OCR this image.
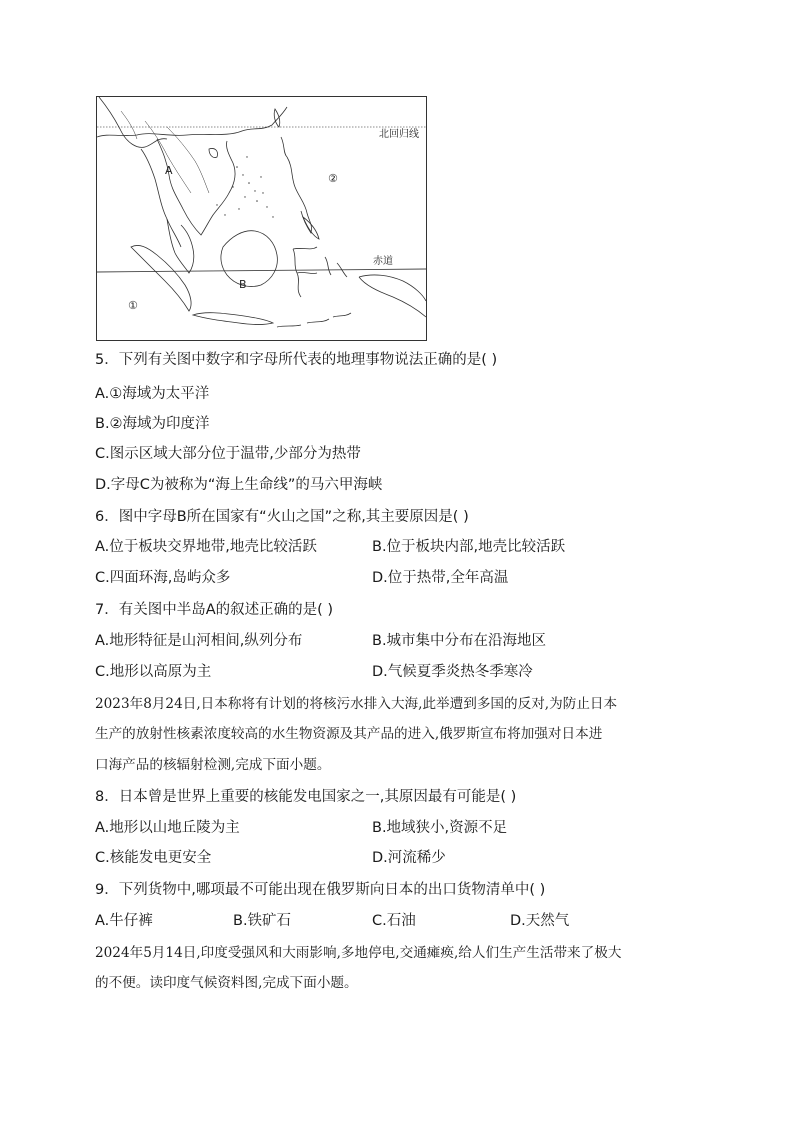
北回归线
赤道
A
B
①
②
5．下列有关图中数字和字母所代表的地理事物说法正确的是( )
A.①海域为太平洋
B.②海域为印度洋
C.图示区域大部分位于温带,少部分为热带
D.字母C为被称为“海上生命线”的马六甲海峡
6．图中字母B所在国家有“火山之国”之称,其主要原因是( )
A.位于板块交界地带,地壳比较活跃	B.位于板块内部,地壳比较活跃
C.四面环海,岛屿众多	D.位于热带,全年高温
7．有关图中半岛A的叙述正确的是( )
A.地形特征是山河相间,纵列分布	B.城市集中分布在沿海地区
C.地形以高原为主	D.气候夏季炎热冬季寒冷
2023年8月24日,日本称将有计划的将核污水排入大海,此举遭到多国的反对,为防止日本
生产的放射性核素浓度较高的水生物资源及其产品的进入,俄罗斯宣布将加强对日本进
口海产品的核辐射检测,完成下面小题。
8．日本曾是世界上重要的核能发电国家之一,其原因最有可能是( )
A.地形以山地丘陵为主	B.地域狭小,资源不足
C.核能发电更安全	D.河流稀少
9．下列货物中,哪项最不可能出现在俄罗斯向日本的出口货物清单中( )
A.牛仔裤	B.铁矿石	C.石油	D.天然气
2024年5月14日,印度受强风和大雨影响,多地停电,交通瘫痪,给人们生产生活带来了极大
的不便。读印度气候资料图,完成下面小题。
